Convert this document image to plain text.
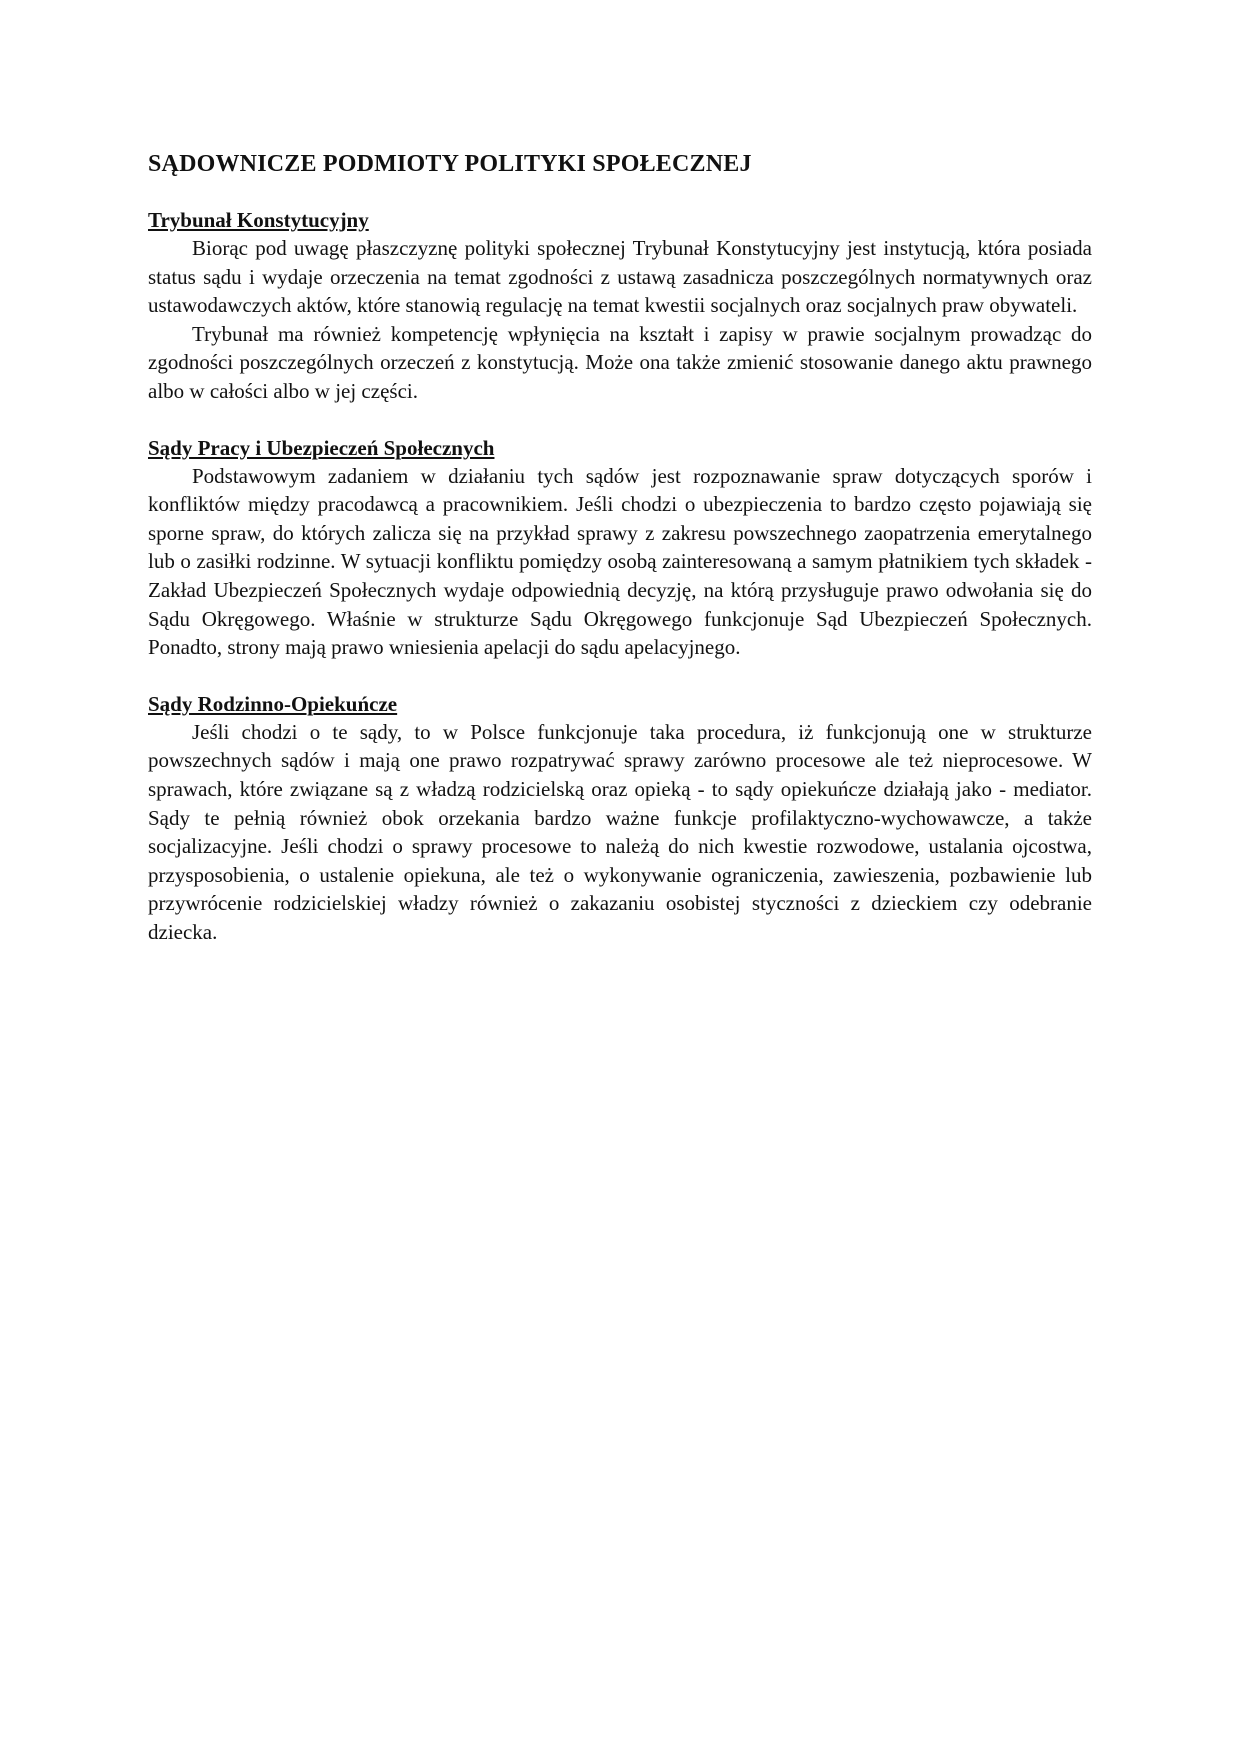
SĄDOWNICZE PODMIOTY POLITYKI SPOŁECZNEJ
Trybunał Konstytucyjny

Biorąc pod uwagę płaszczyznę polityki społecznej Trybunał Konstytucyjny jest instytucją, która posiada status sądu i wydaje orzeczenia na temat zgodności z ustawą zasadnicza poszczególnych normatywnych oraz ustawodawczych aktów, które stanowią regulację na temat kwestii socjalnych oraz socjalnych praw obywateli.

Trybunał ma również kompetencję wpłynięcia na kształt i zapisy w prawie socjalnym prowadząc do zgodności poszczególnych orzeczeń z konstytucją. Może ona także zmienić stosowanie danego aktu prawnego albo w całości albo w jej części.

Sądy Pracy i Ubezpieczeń Społecznych

Podstawowym zadaniem w działaniu tych sądów jest rozpoznawanie spraw dotyczących sporów i konfliktów między pracodawcą a pracownikiem. Jeśli chodzi o ubezpieczenia to bardzo często pojawiają się sporne spraw, do których zalicza się na przykład sprawy z zakresu powszechnego zaopatrzenia emerytalnego lub o zasiłki rodzinne. W sytuacji konfliktu pomiędzy osobą zainteresowaną a samym płatnikiem tych składek - Zakład Ubezpieczeń Społecznych wydaje odpowiednią decyzję, na którą przysługuje prawo odwołania się do Sądu Okręgowego. Właśnie w strukturze Sądu Okręgowego funkcjonuje Sąd Ubezpieczeń Społecznych. Ponadto, strony mają prawo wniesienia apelacji do sądu apelacyjnego.

Sądy Rodzinno-Opiekuńcze

Jeśli chodzi o te sądy, to w Polsce funkcjonuje taka procedura, iż funkcjonują one w strukturze powszechnych sądów i mają one prawo rozpatrywać sprawy zarówno procesowe ale też nieprocesowe. W sprawach, które związane są z władzą rodzicielską oraz opieką - to sądy opiekuńcze działają jako - mediator. Sądy te pełnią również obok orzekania bardzo ważne funkcje profilaktyczno-wychowawcze, a także socjalizacyjne. Jeśli chodzi o sprawy procesowe to należą do nich kwestie rozwodowe, ustalania ojcostwa, przysposobienia, o ustalenie opiekuna, ale też o wykonywanie ograniczenia, zawieszenia, pozbawienie lub przywrócenie rodzicielskiej władzy również o zakazaniu osobistej styczności z dzieckiem czy odebranie dziecka.
